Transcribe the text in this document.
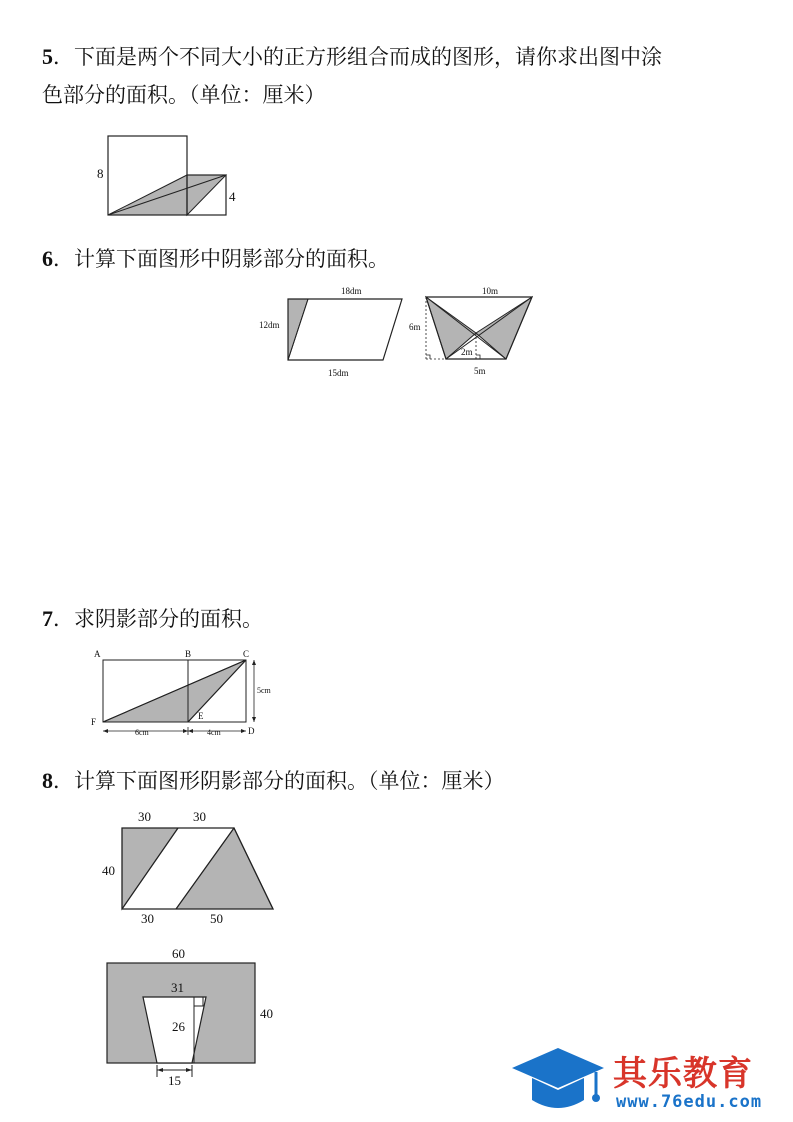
5．下面是两个不同大小的正方形组合而成的图形，请你求出图中涂
色部分的面积。（单位：厘米）
8
4
6．计算下面图形中阴影部分的面积。
18dm
12dm
15dm
10m
6m
2m
5m
7．求阴影部分的面积。
A	B	C
F
E
D
5cm
6cm	4cm
8．计算下面图形阴影部分的面积。（单位：厘米）
30	30
40
30	50
60
31
26
40
15	其乐教育
www.76edu.com
